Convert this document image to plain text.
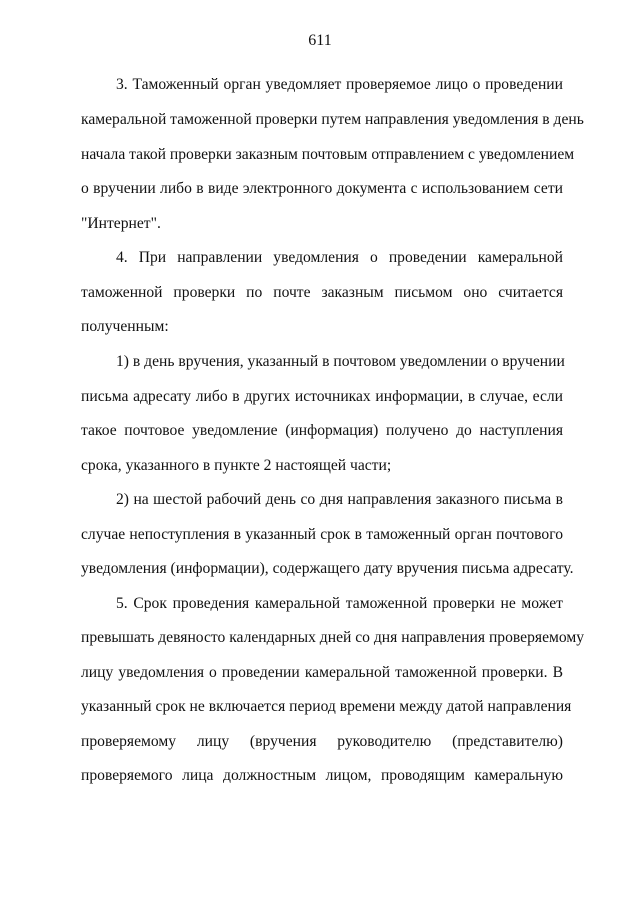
611
3. Таможенный орган уведомляет проверяемое лицо о проведении
камеральной таможенной проверки путем направления уведомления в день
начала такой проверки заказным почтовым отправлением с уведомлением
о вручении либо в виде электронного документа с использованием сети
"Интернет".
4. При направлении уведомления о проведении камеральной
таможенной проверки по почте заказным письмом оно считается
полученным:
1) в день вручения, указанный в почтовом уведомлении о вручении
письма адресату либо в других источниках информации, в случае, если
такое почтовое уведомление (информация) получено до наступления
срока, указанного в пункте 2 настоящей части;
2) на шестой рабочий день со дня направления заказного письма в
случае непоступления в указанный срок в таможенный орган почтового
уведомления (информации), содержащего дату вручения письма адресату.
5. Срок проведения камеральной таможенной проверки не может
превышать девяносто календарных дней со дня направления проверяемому
лицу уведомления о проведении камеральной таможенной проверки. В
указанный срок не включается период времени между датой направления
проверяемому лицу (вручения руководителю (представителю)
проверяемого лица должностным лицом, проводящим камеральную
